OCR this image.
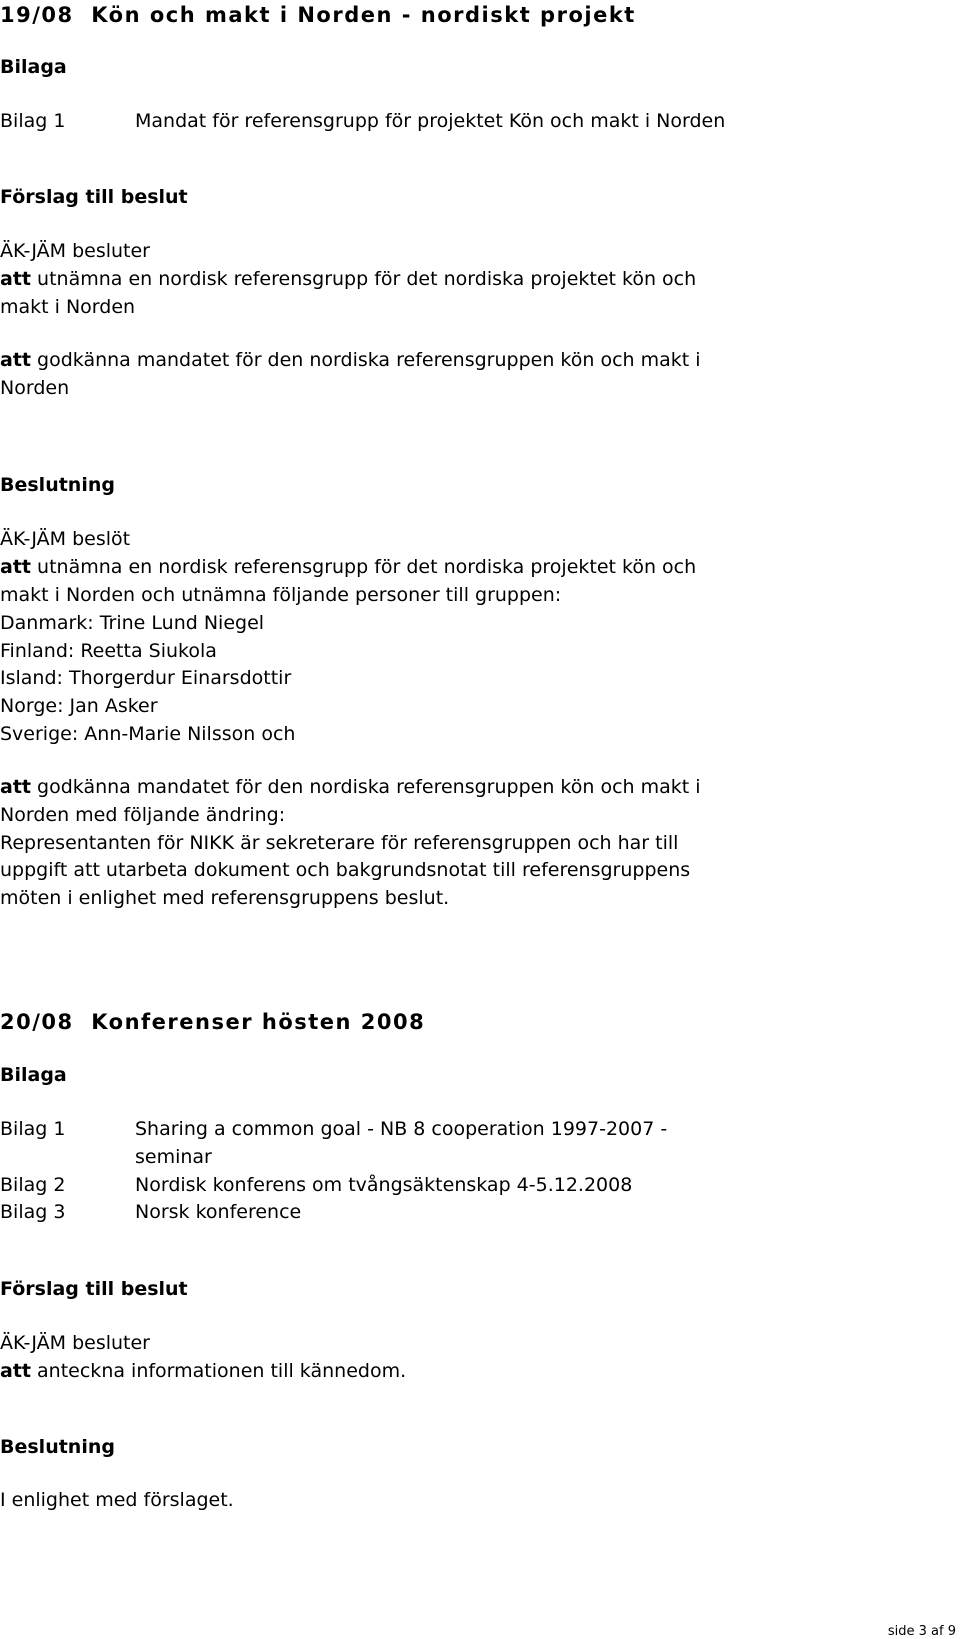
19/08 Kön och makt i Norden - nordiskt projekt
Bilaga
Bilag 1	Mandat för referensgrupp för projektet Kön och makt i Norden
Förslag till beslut
ÄK-JÄM besluter
att utnämna en nordisk referensgrupp för det nordiska projektet kön och
makt i Norden
att godkänna mandatet för den nordiska referensgruppen kön och makt i
Norden
Beslutning
ÄK-JÄM beslöt
att utnämna en nordisk referensgrupp för det nordiska projektet kön och
makt i Norden och utnämna följande personer till gruppen:
Danmark: Trine Lund Niegel
Finland: Reetta Siukola
Island: Thorgerdur Einarsdottir
Norge: Jan Asker
Sverige: Ann-Marie Nilsson och
att godkänna mandatet för den nordiska referensgruppen kön och makt i
Norden med följande ändring:
Representanten för NIKK är sekreterare för referensgruppen och har till
uppgift att utarbeta dokument och bakgrundsnotat till referensgruppens
möten i enlighet med referensgruppens beslut.
20/08 Konferenser hösten 2008
Bilaga
Bilag 1	Sharing a common goal - NB 8 cooperation 1997-2007 -
seminar
Bilag 2	Nordisk konferens om tvångsäktenskap 4-5.12.2008
Bilag 3	Norsk konference
Förslag till beslut
ÄK-JÄM besluter
att anteckna informationen till kännedom.
Beslutning
I enlighet med förslaget.
side 3 af 9
